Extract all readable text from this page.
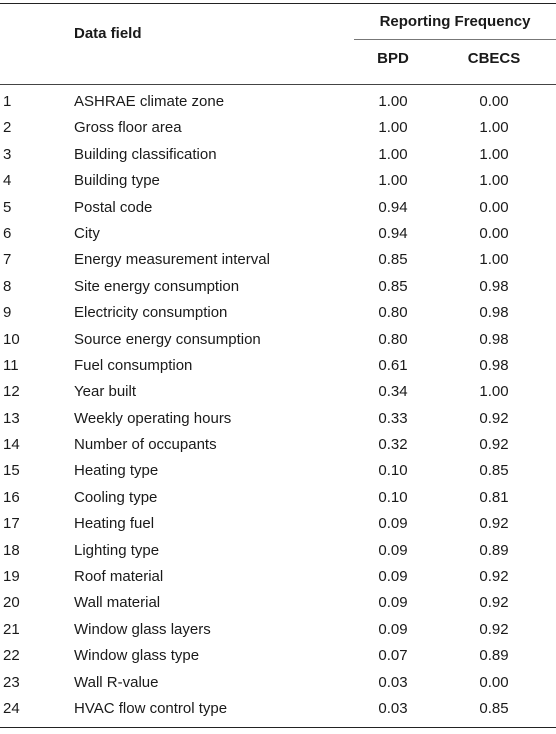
Data field
Reporting Frequency
BPD	CBECS
1	ASHRAE climate zone	1.00	0.00
2	Gross floor area	1.00	1.00
3	Building classification	1.00	1.00
4	Building type	1.00	1.00
5	Postal code	0.94	0.00
6	City	0.94	0.00
7	Energy measurement interval	0.85	1.00
8	Site energy consumption	0.85	0.98
9	Electricity consumption	0.80	0.98
10	Source energy consumption	0.80	0.98
11	Fuel consumption	0.61	0.98
12	Year built	0.34	1.00
13	Weekly operating hours	0.33	0.92
14	Number of occupants	0.32	0.92
15	Heating type	0.10	0.85
16	Cooling type	0.10	0.81
17	Heating fuel	0.09	0.92
18	Lighting type	0.09	0.89
19	Roof material	0.09	0.92
20	Wall material	0.09	0.92
21	Window glass layers	0.09	0.92
22	Window glass type	0.07	0.89
23	Wall R-value	0.03	0.00
24	HVAC flow control type	0.03	0.85
